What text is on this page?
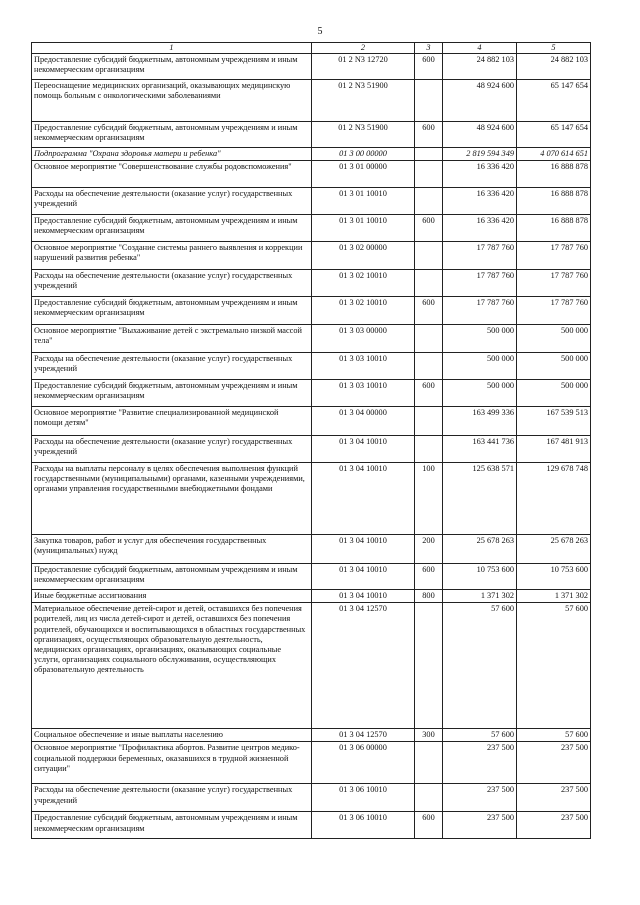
5
1	2	3	4	5
Предоставление субсидий бюджетным, автономным учреждениям и иным некоммерческим организациям	01 2 N3 12720	600	24 882 103	24 882 103
Переоснащение медицинских организаций, оказывающих медицинскую помощь больным с онкологическими заболеваниями	01 2 N3 51900		48 924 600	65 147 654
Предоставление субсидий бюджетным, автономным учреждениям и иным некоммерческим организациям	01 2 N3 51900	600	48 924 600	65 147 654
Подпрограмма "Охрана здоровья матери и ребенка"	01 3 00 00000		2 819 594 349	4 070 614 651
Основное мероприятие "Совершенствование службы родовспоможения"	01 3 01 00000		16 336 420	16 888 878
Расходы на обеспечение деятельности (оказание услуг) государственных учреждений	01 3 01 10010		16 336 420	16 888 878
Предоставление субсидий бюджетным, автономным учреждениям и иным некоммерческим организациям	01 3 01 10010	600	16 336 420	16 888 878
Основное мероприятие "Создание системы раннего выявления и коррекции нарушений развития ребенка"	01 3 02 00000		17 787 760	17 787 760
Расходы на обеспечение деятельности (оказание услуг) государственных учреждений	01 3 02 10010		17 787 760	17 787 760
Предоставление субсидий бюджетным, автономным учреждениям и иным некоммерческим организациям	01 3 02 10010	600	17 787 760	17 787 760
Основное мероприятие "Выхаживание детей с экстремально низкой массой тела"	01 3 03 00000		500 000	500 000
Расходы на обеспечение деятельности (оказание услуг) государственных учреждений	01 3 03 10010		500 000	500 000
Предоставление субсидий бюджетным, автономным учреждениям и иным некоммерческим организациям	01 3 03 10010	600	500 000	500 000
Основное мероприятие "Развитие специализированной медицинской помощи детям"	01 3 04 00000		163 499 336	167 539 513
Расходы на обеспечение деятельности (оказание услуг) государственных учреждений	01 3 04 10010		163 441 736	167 481 913
Расходы на выплаты персоналу в целях обеспечения выполнения функций государственными (муниципальными) органами, казенными учреждениями, органами управления государственными внебюджетными фондами	01 3 04 10010	100	125 638 571	129 678 748
Закупка товаров, работ и услуг для обеспечения государственных (муниципальных) нужд	01 3 04 10010	200	25 678 263	25 678 263
Предоставление субсидий бюджетным, автономным учреждениям и иным некоммерческим организациям	01 3 04 10010	600	10 753 600	10 753 600
Иные бюджетные ассигнования	01 3 04 10010	800	1 371 302	1 371 302
Материальное обеспечение детей-сирот и детей, оставшихся без попечения родителей, лиц из числа детей-сирот и детей, оставшихся без попечения родителей, обучающихся и воспитывающихся в областных государственных организациях, осуществляющих образовательную деятельность, медицинских организациях, организациях, оказывающих социальные услуги, организациях социального обслуживания, осуществляющих образовательную деятельность	01 3 04 12570		57 600	57 600
Социальное обеспечение и иные выплаты населению	01 3 04 12570	300	57 600	57 600
Основное мероприятие "Профилактика абортов. Развитие центров медико-социальной поддержки беременных, оказавшихся в трудной жизненной ситуации"	01 3 06 00000		237 500	237 500
Расходы на обеспечение деятельности (оказание услуг) государственных учреждений	01 3 06 10010		237 500	237 500
Предоставление субсидий бюджетным, автономным учреждениям и иным некоммерческим организациям	01 3 06 10010	600	237 500	237 500
